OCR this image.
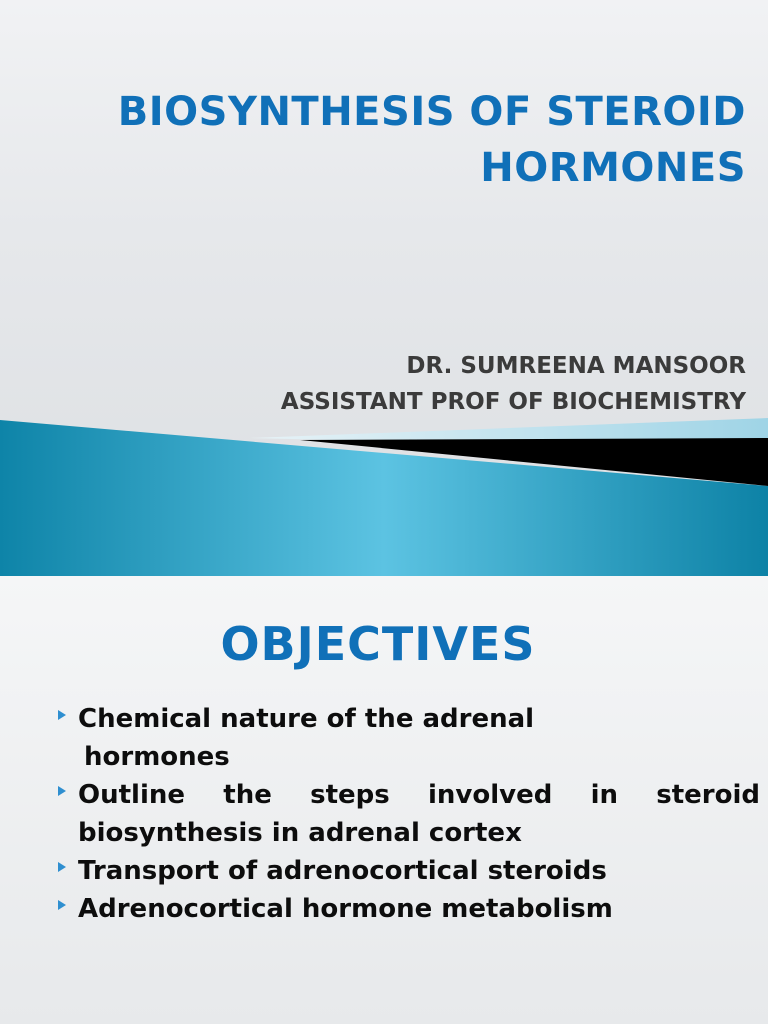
BIOSYNTHESIS OF STEROID
HORMONES
DR. SUMREENA MANSOOR
ASSISTANT PROF OF BIOCHEMISTRY
OBJECTIVES
Chemical nature of the adrenal
hormones
Outline the steps involved in steroid
biosynthesis in adrenal cortex
Transport of adrenocortical steroids
Adrenocortical hormone metabolism
